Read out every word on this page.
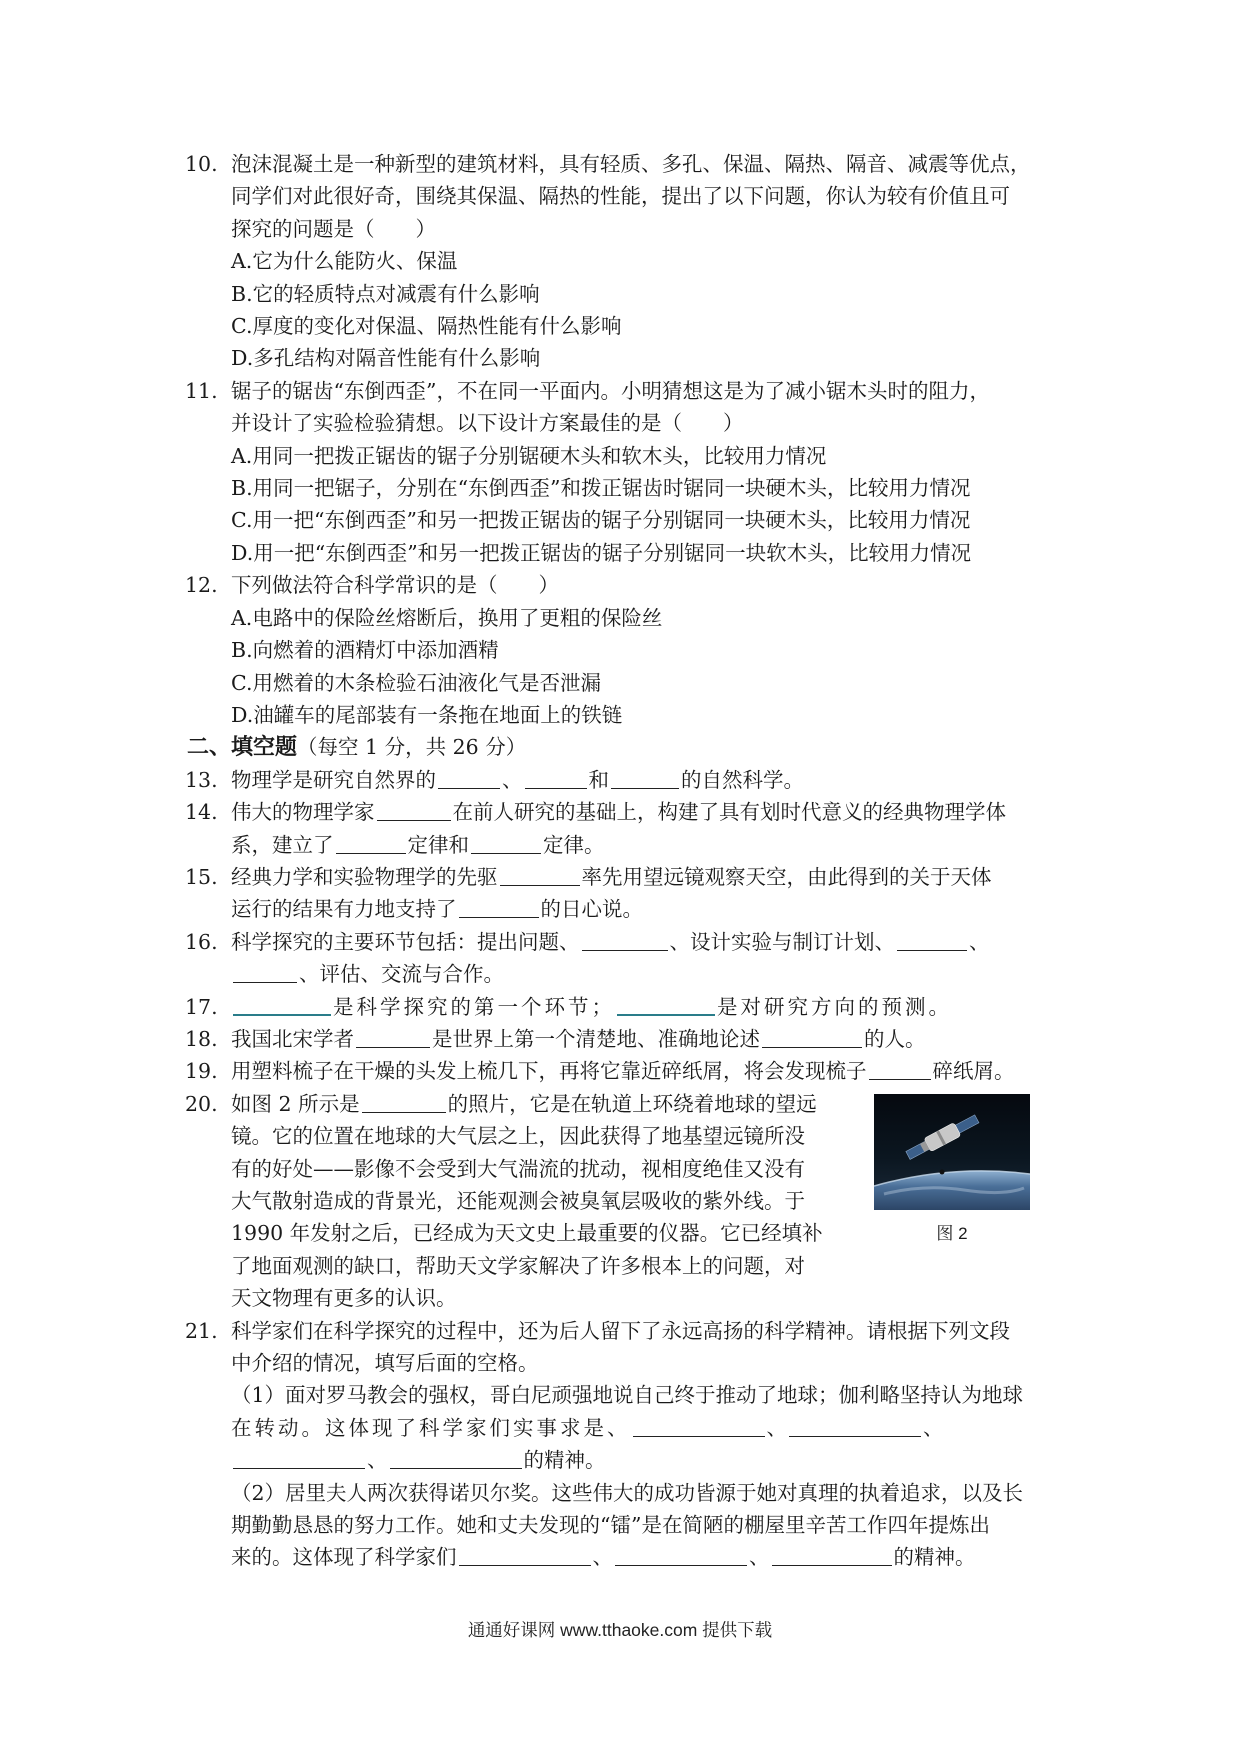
10. 泡沫混凝土是一种新型的建筑材料，具有轻质、多孔、保温、隔热、隔音、减震等优点，
同学们对此很好奇，围绕其保温、隔热的性能，提出了以下问题，你认为较有价值且可
探究的问题是（　　）
A.它为什么能防火、保温
B.它的轻质特点对减震有什么影响
C.厚度的变化对保温、隔热性能有什么影响
D.多孔结构对隔音性能有什么影响
11. 锯子的锯齿“东倒西歪”，不在同一平面内。小明猜想这是为了减小锯木头时的阻力，
并设计了实验检验猜想。以下设计方案最佳的是（　　）
A.用同一把拨正锯齿的锯子分别锯硬木头和软木头，比较用力情况
B.用同一把锯子，分别在“东倒西歪”和拨正锯齿时锯同一块硬木头，比较用力情况
C.用一把“东倒西歪”和另一把拨正锯齿的锯子分别锯同一块硬木头，比较用力情况
D.用一把“东倒西歪”和另一把拨正锯齿的锯子分别锯同一块软木头，比较用力情况
12. 下列做法符合科学常识的是（　　）
A.电路中的保险丝熔断后，换用了更粗的保险丝
B.向燃着的酒精灯中添加酒精
C.用燃着的木条检验石油液化气是否泄漏
D.油罐车的尾部装有一条拖在地面上的铁链
二、填空题（每空 1 分，共 26 分）
13. 物理学是研究自然界的	、	和	的自然科学。
14. 伟大的物理学家	在前人研究的基础上，构建了具有划时代意义的经典物理学体
系，建立了	定律和	定律。
15. 经典力学和实验物理学的先驱	率先用望远镜观察天空，由此得到的关于天体
运行的结果有力地支持了	的日心说。
16. 科学探究的主要环节包括：提出问题、	、设计实验与制订计划、	、
、评估、交流与合作。
17.	是科学探究的第一个环节；	是对研究方向的预测。
18. 我国北宋学者	是世界上第一个清楚地、准确地论述	的人。
19. 用塑料梳子在干燥的头发上梳几下，再将它靠近碎纸屑，将会发现梳子	碎纸屑。
20. 如图 2 所示是	的照片，它是在轨道上环绕着地球的望远
镜。它的位置在地球的大气层之上，因此获得了地基望远镜所没
有的好处——影像不会受到大气湍流的扰动，视相度绝佳又没有
大气散射造成的背景光，还能观测会被臭氧层吸收的紫外线。于
1990 年发射之后，已经成为天文史上最重要的仪器。它已经填补
了地面观测的缺口，帮助天文学家解决了许多根本上的问题，对
天文物理有更多的认识。
图 2
21. 科学家们在科学探究的过程中，还为后人留下了永远高扬的科学精神。请根据下列文段
中介绍的情况，填写后面的空格。
（1）面对罗马教会的强权，哥白尼顽强地说自己终于推动了地球；伽利略坚持认为地球
在转动。这体现了科学家们实事求是、	、	、
、	的精神。
（2）居里夫人两次获得诺贝尔奖。这些伟大的成功皆源于她对真理的执着追求，以及长
期勤勤恳恳的努力工作。她和丈夫发现的“镭”是在简陋的棚屋里辛苦工作四年提炼出
来的。这体现了科学家们	、	、	的精神。
通通好课网 www.tthaoke.com 提供下载
